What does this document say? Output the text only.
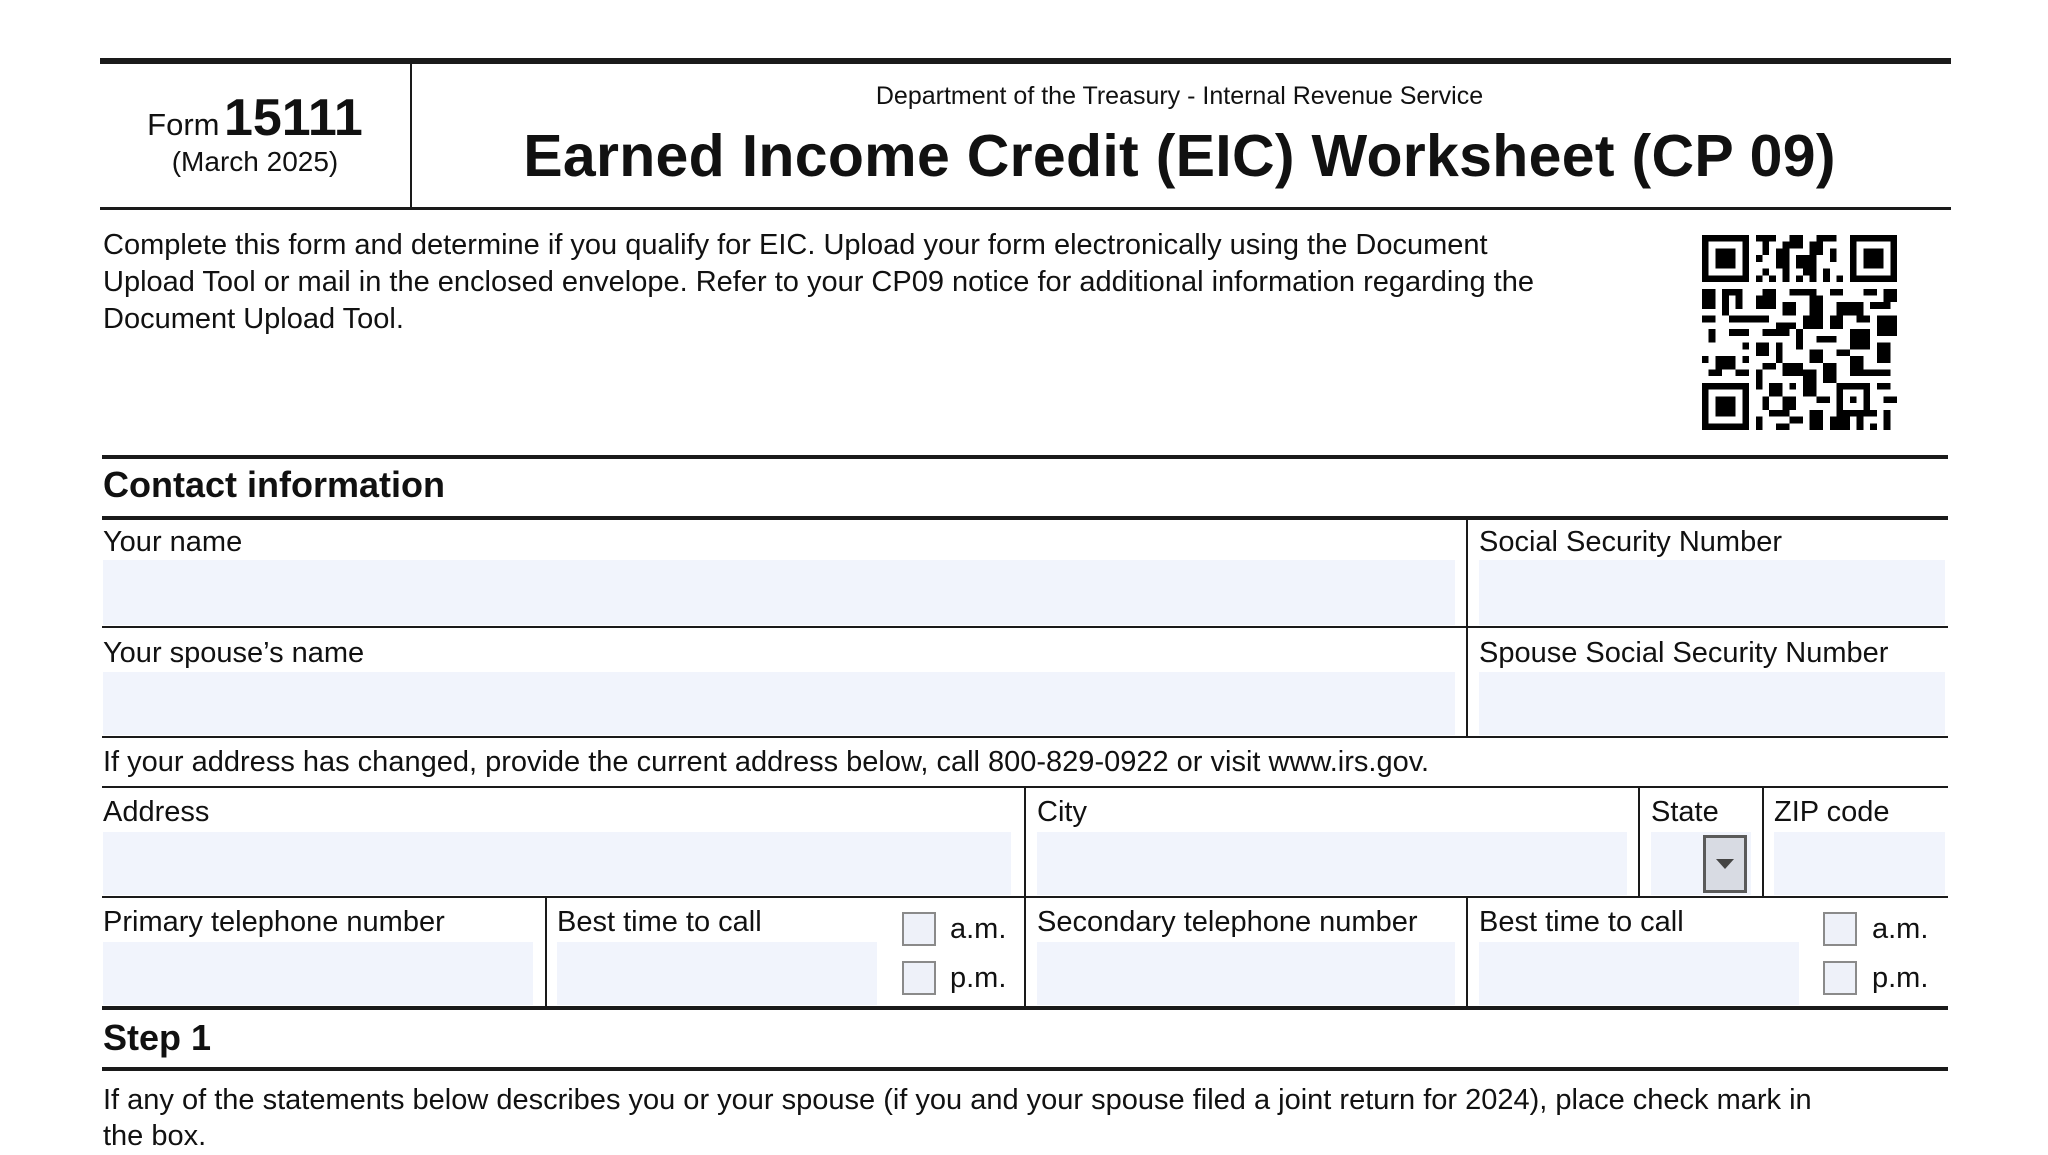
Form 15111
(March 2025)
Department of the Treasury - Internal Revenue Service
Earned Income Credit (EIC) Worksheet (CP 09)
Complete this form and determine if you qualify for EIC. Upload your form electronically using the Document
Upload Tool or mail in the enclosed envelope. Refer to your CP09 notice for additional information regarding the
Document Upload Tool.
Contact information
Your name	Social Security Number
Your spouse’s name	Spouse Social Security Number
If your address has changed, provide the current address below, call 800-829-0922 or visit www.irs.gov.
Address	City	State ZIP code
Primary telephone number	Best time to call	a.m.
p.m.
Secondary telephone number Best time to call	a.m.
p.m.
Step 1
If any of the statements below describes you or your spouse (if you and your spouse filed a joint return for 2024), place check mark in
the box.
